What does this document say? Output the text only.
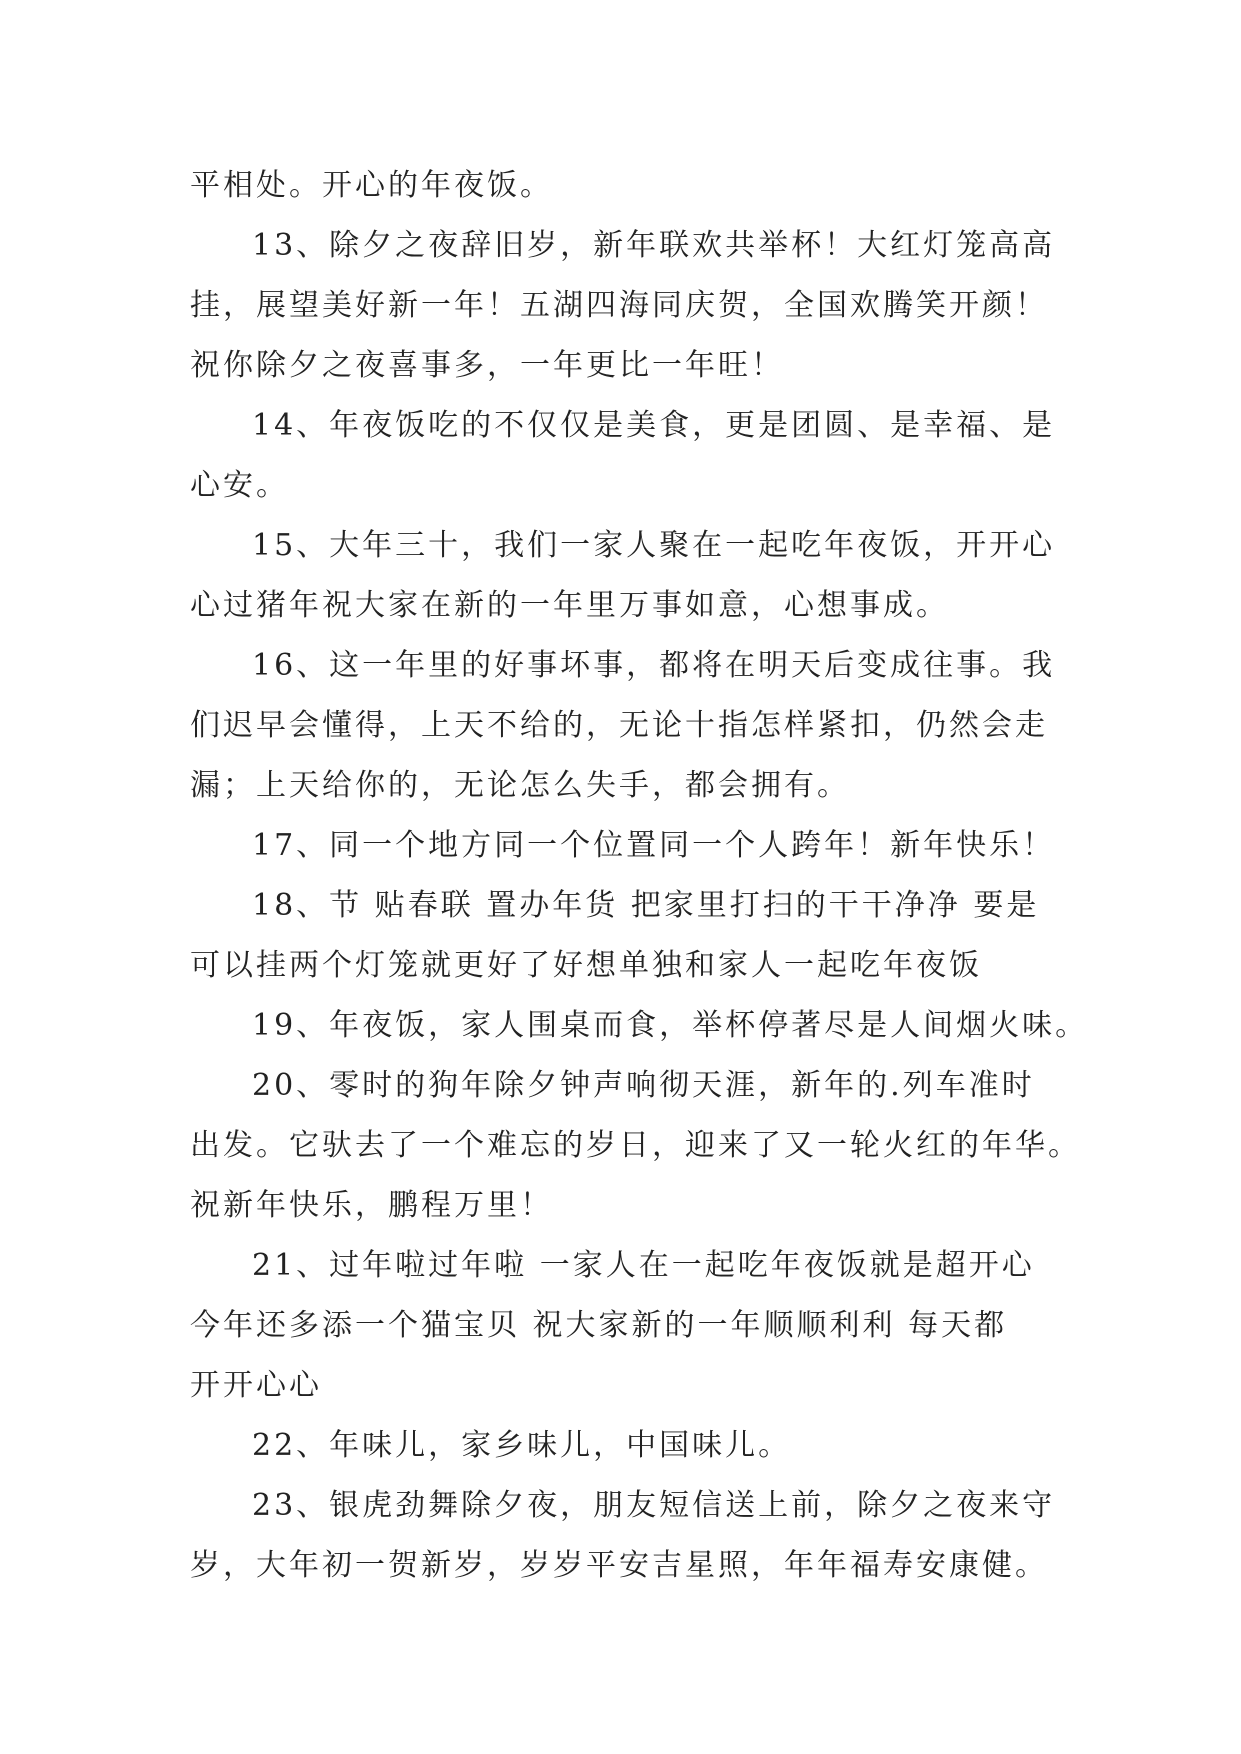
平相处。开心的年夜饭。
13、除夕之夜辞旧岁，新年联欢共举杯！大红灯笼高高
挂，展望美好新一年！五湖四海同庆贺，全国欢腾笑开颜！
祝你除夕之夜喜事多，一年更比一年旺！
14、年夜饭吃的不仅仅是美食，更是团圆、是幸福、是
心安。
15、大年三十，我们一家人聚在一起吃年夜饭，开开心
心过猪年祝大家在新的一年里万事如意，心想事成。
16、这一年里的好事坏事，都将在明天后变成往事。我
们迟早会懂得，上天不给的，无论十指怎样紧扣，仍然会走
漏；上天给你的，无论怎么失手，都会拥有。
17、同一个地方同一个位置同一个人跨年！新年快乐！
18、节 贴春联 置办年货 把家里打扫的干干净净 要是
可以挂两个灯笼就更好了好想单独和家人一起吃年夜饭
19、年夜饭，家人围桌而食，举杯停著尽是人间烟火味。
20、零时的狗年除夕钟声响彻天涯，新年的.列车准时
出发。它驮去了一个难忘的岁日，迎来了又一轮火红的年华。
祝新年快乐，鹏程万里！
21、过年啦过年啦 一家人在一起吃年夜饭就是超开心
今年还多添一个猫宝贝 祝大家新的一年顺顺利利 每天都
开开心心
22、年味儿，家乡味儿，中国味儿。
23、银虎劲舞除夕夜，朋友短信送上前，除夕之夜来守
岁，大年初一贺新岁，岁岁平安吉星照，年年福寿安康健。
